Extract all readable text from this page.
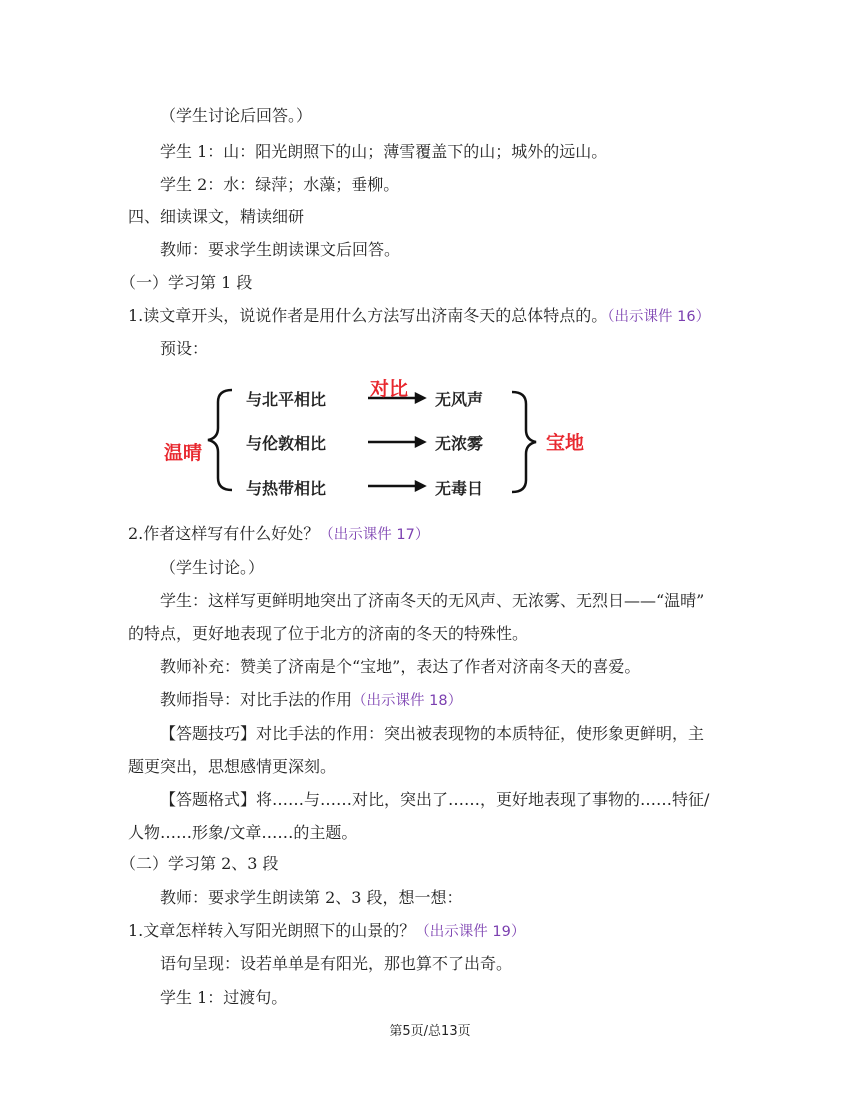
（学生讨论后回答。）
学生 1：山：阳光朗照下的山；薄雪覆盖下的山；城外的远山。
学生 2：水：绿萍；水藻；垂柳。
四、细读课文，精读细研
教师：要求学生朗读课文后回答。
（一）学习第 1 段
1.读文章开头，说说作者是用什么方法写出济南冬天的总体特点的。（出示课件 16）
预设：
温晴	宝地
对比
与北平相比
与伦敦相比
与热带相比
无风声
无浓雾
无毒日
2.作者这样写有什么好处？（出示课件 17）
（学生讨论。）
学生：这样写更鲜明地突出了济南冬天的无风声、无浓雾、无烈日——“温晴”
的特点，更好地表现了位于北方的济南的冬天的特殊性。
教师补充：赞美了济南是个“宝地”，表达了作者对济南冬天的喜爱。
教师指导：对比手法的作用（出示课件 18）
【答题技巧】对比手法的作用：突出被表现物的本质特征，使形象更鲜明，主
题更突出，思想感情更深刻。
【答题格式】将……与……对比，突出了……，更好地表现了事物的……特征/
人物……形象/文章……的主题。
（二）学习第 2、3 段
教师：要求学生朗读第 2、3 段，想一想：
1.文章怎样转入写阳光朗照下的山景的？（出示课件 19）
语句呈现：设若单单是有阳光，那也算不了出奇。
学生 1：过渡句。
第5页/总13页
